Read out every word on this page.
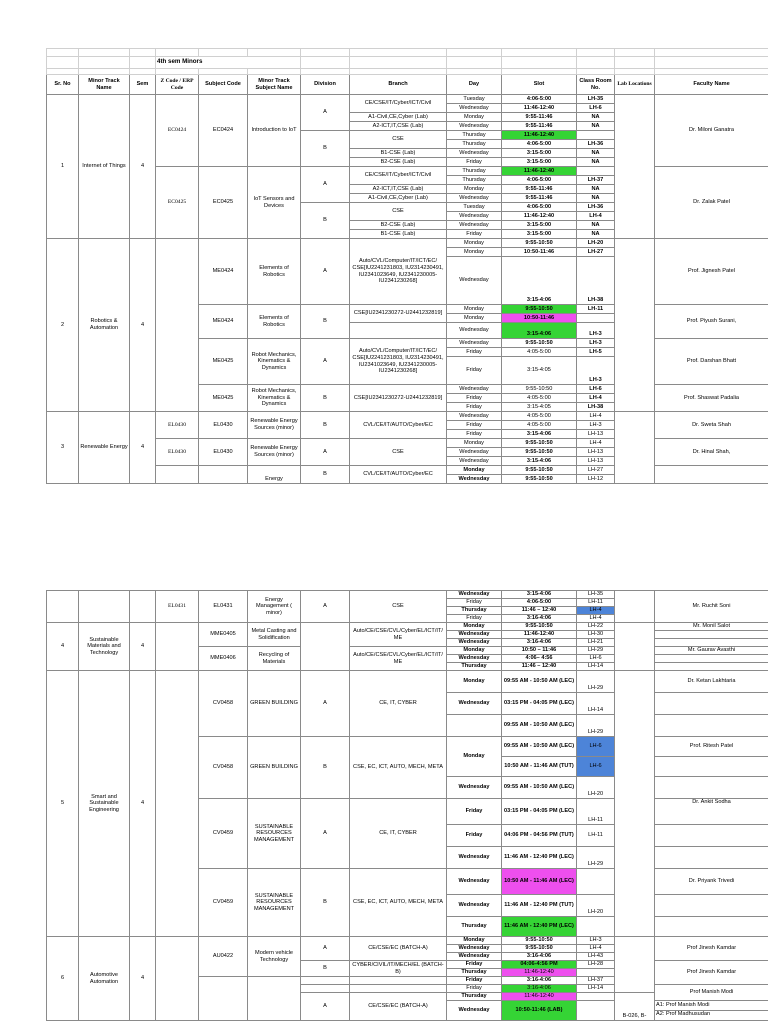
			4th sem Minors									

Sr. No	Minor Track Name	Sem	Z Code / ERP Code	Subject Code	Minor Track Subject Name	Division	Branch	Day	Slot	Class Room No.	Lab Locations	Faculty Name
1	Internet of Things	4	EC0424	EC0424	Introduction to IoT	A	CE/CSE/IT/Cyber/ICT/Civil	Tuesday	4:06-5:00	LH-35		Dr. Miloni Ganatra
								Wednesday	11:46-12:40	LH-6		
							A1-Civil,CE,Cyber (Lab)	Monday	9:55-11:46	NA		
							A2-ICT,IT,CSE (Lab)	Wednesday	9:55-11:46	NA		
						B	CSE	Thursday	11:46-12:40			
								Thursday	4:06-5:00	LH-36		
							B1-CSE (Lab)	Wednesday	3:15-5:00	NA		
							B2-CSE (Lab)	Friday	3:15-5:00	NA		
			EC0425	EC0425	IoT Sensors and Devices	A	CE/CSE/IT/Cyber/ICT/Civil	Thursday	11:46-12:40			Dr. Zalak Patel
								Thursday	4:06-5:00	LH-37		
							A2-ICT,IT,CSE (Lab)	Monday	9:55-11:46	NA		
							A1-Civil,CE,Cyber (Lab)	Wednesday	9:55-11:46	NA		
						B	CSE	Tuesday	4:06-5:00	LH-36		
								Wednesday	11:46-12:40	LH-4		
							B2-CSE (Lab)	Wednesday	3:15-5:00	NA		
							B1-CSE (Lab)	Friday	3:15-5:00	NA		
2	Robotics & Automation	4		ME0424	Elements of Robotics	A	Auto/CVL/Computer/IT/ICT/EC/ CSE[IU2241231803, IU2314230491, IU2341023649, IU2341230005-IU2341230268]	Monday	9:55-10:50	LH-20		Prof. Jignesh Patel
								Monday	10:50-11:46	LH-27		
								Wednesday	3:15-4:06	LH-38		
				ME0424	Elements of Robotics	B	CSE[IU2341230272-U2441232819]	Monday	9:55-10:50	LH-11		Prof. Piyush Surani,
								Monday	10:50-11:46			
								Wednesday	3:15-4:06	LH-3		
				ME0425	Robot Mechanics, Kinematics & Dynamics	A	Auto/CVL/Computer/IT/ICT/EC/ CSE[IU2241231803, IU2314230491, IU2341023649, IU2341230005-IU2341230268]	Wednesday	9:55-10:50	LH-3		Prof. Darshan Bhatt
								Friday	4:05-5:00	LH-5		
								Friday	3:15-4:05	LH-3		
				ME0425	Robot Mechanics, Kinematics & Dynamics	B	CSE[IU2341230272-U2441232819]	Wednesday	9:55-10:50	LH-6		Prof. Shaswat Padalia
								Friday	4:05-5:00	LH-4		
								Friday	3:15-4:05	LH-38		
3	Renewable Energy	4	EL0430	EL0430	Renewable Energy Sources (minor)	B	CVL/CE/IT/AUTO/Cyber/EC	Wednesday	4:05-5:00	LH-4		Dr. Sweta Shah
								Friday	4:05-5:00	LH-3		
								Friday	3:15-4:06	LH-13		
			EL0430	EL0430	Renewable Energy Sources (minor)	A	CSE	Monday	9:55-10:50	LH-4		Dr. Hinal Shah,
								Wednesday	9:55-10:50	LH-13		
								Wednesday	3:15-4:06	LH-13		
					Energy	B	CVL/CE/IT/AUTO/Cyber/EC	Monday	9:55-10:50	LH-27		
								Wednesday	9:55-10:50	LH-12		
			EL0431	EL0431	Energy Management ( minor)	A	CSE	Wednesday	3:15-4:06	LH-35		Mr. Ruchit Soni
								Friday	4:06-5:00	LH-11		
								Thursday	11:46 – 12:40	LH-4		
								Friday	3:16-4:06	LH-4		
4	Sustainable Materials and Technology	4		MME0405	Metal Casting and Solidification		Auto/CE/CSE/CVL/Cyber/EL/ICT/IT/ME	Monday	9:55-10:50	LH-22		Mr. Monil Salot
								Wednesday	11:46-12:40	LH-30		
								Wednesday	3:16-4:06	LH-21		
				MME0406	Recycling of Materials		Auto/CE/CSE/CVL/Cyber/EL/ICT/IT/ME	Monday	10:50 – 11:46	LH-29		Mr. Gaurav Avasthi
								Wednesday	4:06– 4:56	LH-6		
								Thursday	11:46 – 12:40	LH-14		
5	Smart and Sustainable Engineering	4		CV0458	GREEN BUILDING	A	CE, IT, CYBER	Monday	09:55 AM - 10:50 AM (LEC)	LH-29		Dr. Ketan Lakhtaria
								Wednesday	03:15 PM - 04:05 PM (LEC)	LH-14		
									09:55 AM - 10:50 AM (LEC)	LH-29		
				CV0458	GREEN BUILDING	B	CSE, EC, ICT, AUTO, MECH, META	Monday	09:55 AM - 10:50 AM (LEC)	LH-6		Prof. Ritesh Patel
									10:50 AM - 11:46 AM (TUT)	LH-6		
								Wednesday	09:55 AM - 10:50 AM (LEC)	LH-20		
				CV0459	SUSTAINABLE RESOURCES MANAGEMENT	A	CE, IT, CYBER	Friday	03:15 PM - 04:05 PM (LEC)	LH-11		Dr. Ankit Sodha
								Friday	04:06 PM - 04:56 PM (TUT)	LH-11		
								Wednesday	11:46 AM - 12:40 PM (LEC)	LH-29		
				CV0459	SUSTAINABLE RESOURCES MANAGEMENT	B	CSE, EC, ICT, AUTO, MECH, META	Wednesday	10:50 AM - 11:46 AM (LEC)			Dr. Priyank Trivedi
								Wednesday	11:46 AM - 12:40 PM (TUT)	LH-20		
								Thursday	11:46 AM - 12:40 PM (LEC)			
6	Automotive Automation	4		AU0422	Modern vehicle Technology	A	CE/CSE/EC (BATCH-A)	Monday	9:55-10:50	LH-3		Prof Jinesh Kamdar
								Wednesday	9:55-10:50	LH-4		
								Wednesday	3:16-4:06	LH-43		
						B	CYBER/CIVIL/IT/MECH/EL (BATCH-B)	Friday	04:06-4:56 PM	LH-28		Prof Jinesh Kamdar
								Thursday	11:46-12:40			
								Friday	3:16-4:06	LH-37		
								Friday	3:16-4:06	LH-14		Prof Manish Modi
						A	CE/CSE/EC (BATCH-A)	Thursday	11:46-12:40		B-026, B-	
								Wednesday	10:50-11:46 (LAB)			A1: Prof Manish Modi
												A2: Prof Madhusudan
